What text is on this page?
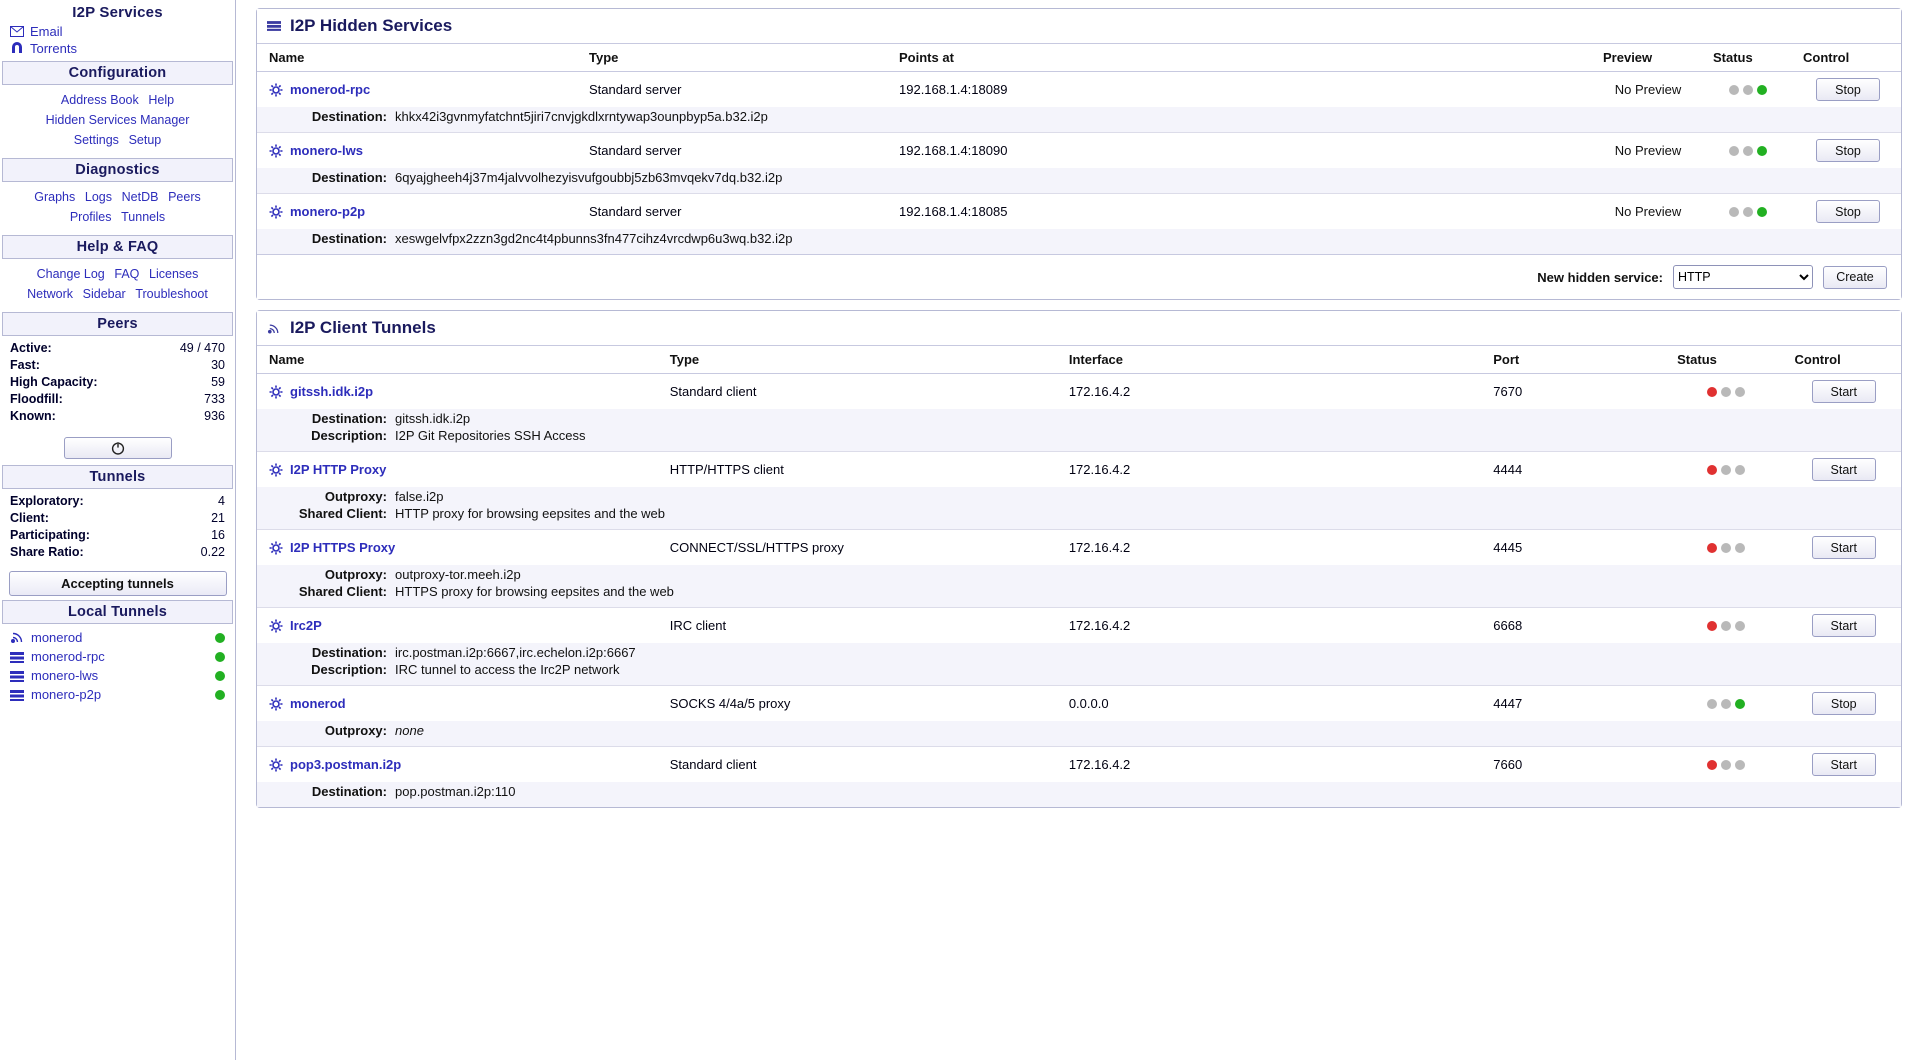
I2P Services
Email
Torrents
Configuration
Address Book Help
Hidden Services Manager
Settings Setup
Diagnostics
Graphs Logs NetDB Peers
Profiles Tunnels
Help & FAQ
Change Log FAQ Licenses
Network Sidebar Troubleshoot
Peers
Active:	49 / 470
Fast:	30
High Capacity:	59
Floodfill:	733
Known:	936
Tunnels
Exploratory:	4
Client:	21
Participating:	16
Share Ratio:	0.22
Accepting tunnels
Local Tunnels
monerod
monerod-rpc
monero-lws
monero-p2p
I2P Hidden Services
Name	Type	Points at	Preview	Status	Control

monerod-rpc	Standard server	192.168.1.4:18089	No Preview		Stop

Destination: khkx42i3gvnmyfatchnt5jiri7cnvjgkdlxrntywap3ounpbyp5a.b32.i2p					

monero-lws	Standard server	192.168.1.4:18090	No Preview		Stop

Destination: 6qyajgheeh4j37m4jalvvolhezyisvufgoubbj5zb63mvqekv7dq.b32.i2p					

monero-p2p	Standard server	192.168.1.4:18085	No Preview		Stop

Destination: xeswgelvfpx2zzn3gd2nc4t4pbunns3fn477cihz4vrcdwp6u3wq.b32.i2p					
New hidden service:
HTTP	Create
I2P Client Tunnels
Name	Type	Interface	Port	Status	Control

gitssh.idk.i2p	Standard client	172.16.4.2	7670		Start

Destination: gitssh.idk.i2p
Description: I2P Git Repositories SSH Access					

I2P HTTP Proxy	HTTP/HTTPS client	172.16.4.2	4444		Start

Outproxy: false.i2p
Shared Client: HTTP proxy for browsing eepsites and the web					

I2P HTTPS Proxy	CONNECT/SSL/HTTPS proxy	172.16.4.2	4445		Start

Outproxy: outproxy-tor.meeh.i2p
Shared Client: HTTPS proxy for browsing eepsites and the web					

Irc2P	IRC client	172.16.4.2	6668		Start

Destination: irc.postman.i2p:6667,irc.echelon.i2p:6667
Description: IRC tunnel to access the Irc2P network					

monerod	SOCKS 4/4a/5 proxy	0.0.0.0	4447		Stop

Outproxy: none					

pop3.postman.i2p	Standard client	172.16.4.2	7660		Start

Destination: pop.postman.i2p:110					
